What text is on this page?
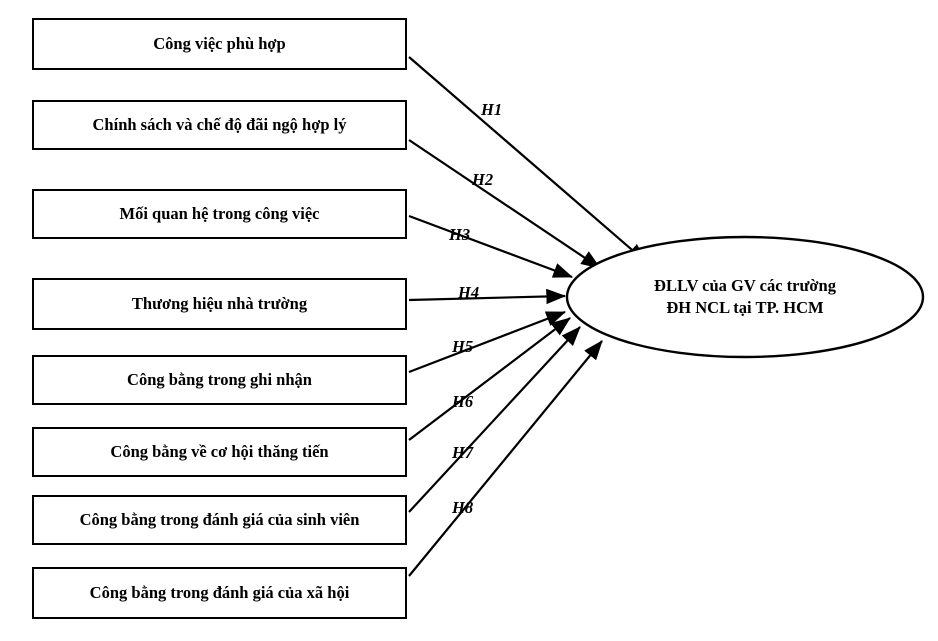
Công việc phù hợp
Chính sách và chế độ đãi ngộ hợp lý
Mối quan hệ trong công việc
Thương hiệu nhà trường
Công bằng trong ghi nhận
Công bằng về cơ hội thăng tiến
Công bằng trong đánh giá của sinh viên
Công bằng trong đánh giá của xã hội
H1
H2
H3
H4
H5
H6
H7
H8
ĐLLV của GV các trường
ĐH NCL tại TP. HCM
